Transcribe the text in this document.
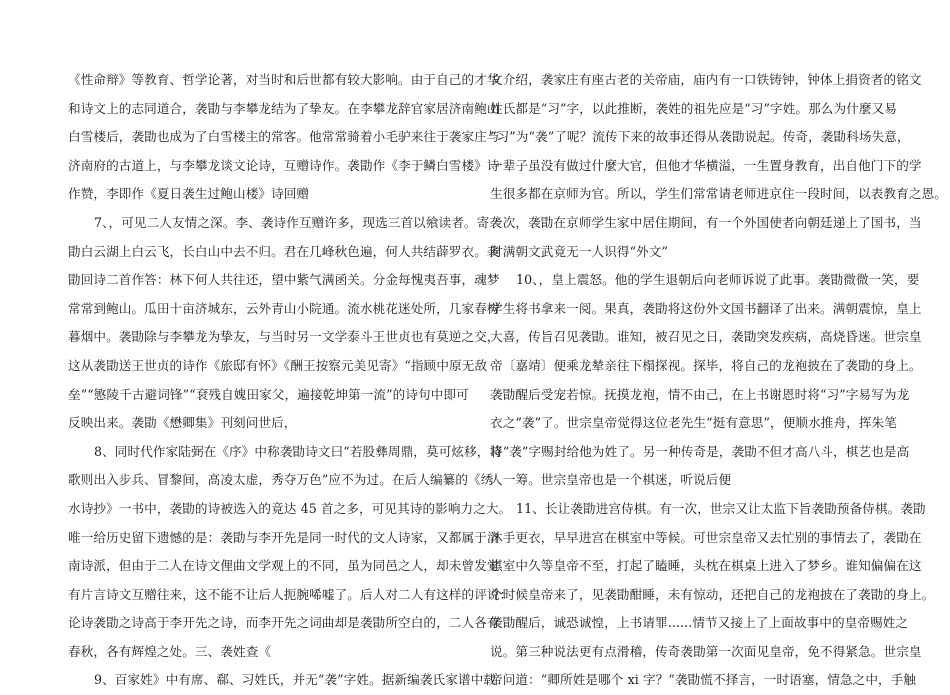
《性命辩》等教育、哲学论著，对当时和后世都有较大影响。由于自己的才华
和诗文上的志同道合，袭勖与李攀龙结为了挚友。在李攀龙辞官家居济南鲍山
白雪楼后，袭勖也成为了白雪楼主的常客。他常常骑着小毛驴来往于袭家庄与
济南府的古道上，与李攀龙谈文论诗，互赠诗作。袭勖作《李于鳞白雪楼》诗
作赞，李即作《夏日袭生过鲍山楼》诗回赠
7、，可见二人友情之深。李、袭诗作互赠许多，现选三首以飨读者。寄袭
勖白云湖上白云飞，长白山中去不归。君在几峰秋色遍，何人共结薜罗衣。袭
勖回诗二首作答：林下何人共往还，望中紫气满函关。分金每愧夷吾事，魂梦
常常到鲍山。瓜田十亩济城东，云外青山小院通。流水桃花迷处所，几家春树
暮烟中。袭勖除与李攀龙为挚友，与当时另一文学泰斗王世贞也有莫逆之交，
这从袭勖送王世贞的诗作《旅邸有怀》《酬王按察元美见寄》“指顾中原无敌
垒”“慜陵千古避词锋”“袞残自媿田家父，遍接乾坤第一流”的诗句中即可
反映出来。袭勖《懋卿集》刊刻问世后，
8、同时代作家陆弼在《序》中称袭勖诗文曰“若股彝周鼎，莫可炫移，诗
歌则出入步兵、冒黎间，高凌太虚，秀夺万色”应不为过。在后人编纂的《绣
水诗抄》一书中，袭勖的诗被选入的竟达 45 首之多，可见其诗的影响力之大。
唯一给历史留下遗憾的是：袭勖与李开先是同一时代的文人诗家，又都属于济
南诗派，但由于二人在诗文俚曲文学观上的不同，虽为同邑之人，却未曾发觉
有片言诗文互赠往来，这不能不让后人扼腕唏嘘了。后人对二人有这样的评说：
论诗袭勖之诗高于李开先之诗，而李开先之词曲却是袭勖所空白的，二人各有
春秋，各有辉煌之处。三、袭姓查《
9、百家姓》中有席、郗、习姓氏，并无“袭”字姓。据新编袭氏家谱中载
文介绍，袭家庄有座古老的关帝庙，庙内有一口铁铸钟，钟体上捐资者的铭文
姓氏都是“习”字，以此推断，袭姓的祖先应是“习”字姓。那么为什麼又易
“习”为“袭”了呢？流传下来的故事还得从袭勖说起。传奇，袭勖科场失意，
一辈子虽没有做过什麼大官，但他才华横溢，一生置身教育，出自他门下的学
生很多都在京师为官。所以，学生们常常请老师进京住一段时间，以表教育之恩。
一次，袭勖在京师学生家中居住期间，有一个外国使者向朝廷递上了国书，当
时满朝文武竟无一人识得“外文”
10、，皇上震怒。他的学生退朝后向老师诉说了此事。袭勖微微一笑，要
学生将书拿来一阅。果真，袭勖将这份外文国书翻译了出来。满朝震惊，皇上
大喜，传旨召见袭勖。谁知，被召见之日，袭勖突发疾病，高烧昏迷。世宗皇
帝〔嘉靖〕便乘龙辇亲往下榻探视。探毕，将自己的龙袍披在了袭勖的身上。
袭勖醒后受宠若惊。抚摸龙袍，情不由己，在上书谢恩时将“习”字易写为龙
衣之“袭”了。世宗皇帝觉得这位老先生“挺有意思”，便顺水推舟，挥朱笔
将“袭”字赐封给他为姓了。另一种传奇是，袭勖不但才高八斗，棋艺也是高
人一筹。世宗皇帝也是一个棋迷，听说后便
11、长让袭勖进宫侍棋。有一次，世宗又让太监下旨袭勖预备侍棋。袭勖
沐手更衣，早早进宫在棋室中等候。可世宗皇帝又去忙别的事情去了，袭勖在
棋室中久等皇帝不至，打起了瞌睡，头枕在棋桌上进入了梦乡。谁知偏偏在这
个时候皇帝来了，见袭勖酣睡，未有惊动，还把自己的龙袍披在了袭勖的身上。
袭勖醒后，诚恐诚惶，上书请罪......情节又接上了上面故事中的皇帝赐姓之
说。第三种说法更有点滑稽，传奇袭勖第一次面见皇帝，免不得紧急。世宗皇
帝问道：“卿所姓是哪个 xi 字？”袭勖慌不择言，一时语塞，情急之中，手触
